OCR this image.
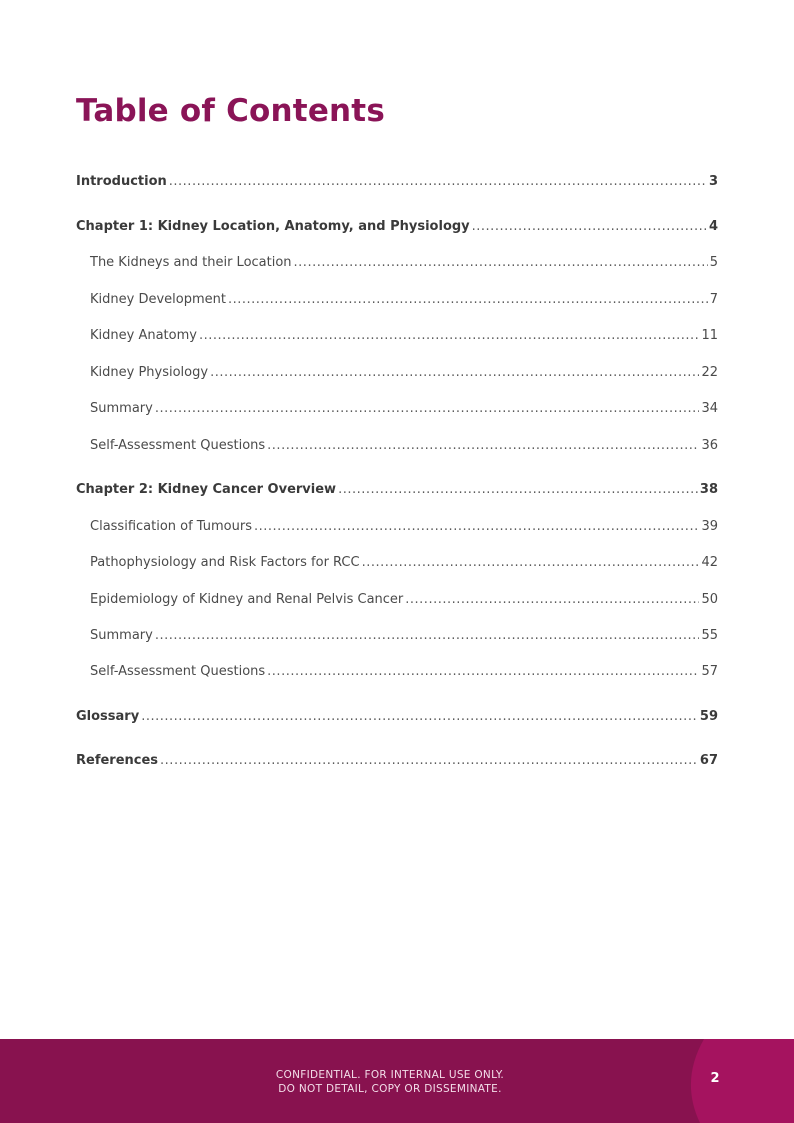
Table of Contents
Introduction .....	3
Chapter 1: Kidney Location, Anatomy, and Physiology .....	4
The Kidneys and their Location .....	5
Kidney Development .....	7
Kidney Anatomy .....	11
Kidney Physiology .....	22
Summary .....	34
Self-Assessment Questions .....	36
Chapter 2: Kidney Cancer Overview .....	38
Classification of Tumours .....	39
Pathophysiology and Risk Factors for RCC .....	42
Epidemiology of Kidney and Renal Pelvis Cancer .....	50
Summary .....	55
Self-Assessment Questions .....	57
Glossary .....	59
References .....	67
CONFIDENTIAL. FOR INTERNAL USE ONLY.
DO NOT DETAIL, COPY OR DISSEMINATE.
2
